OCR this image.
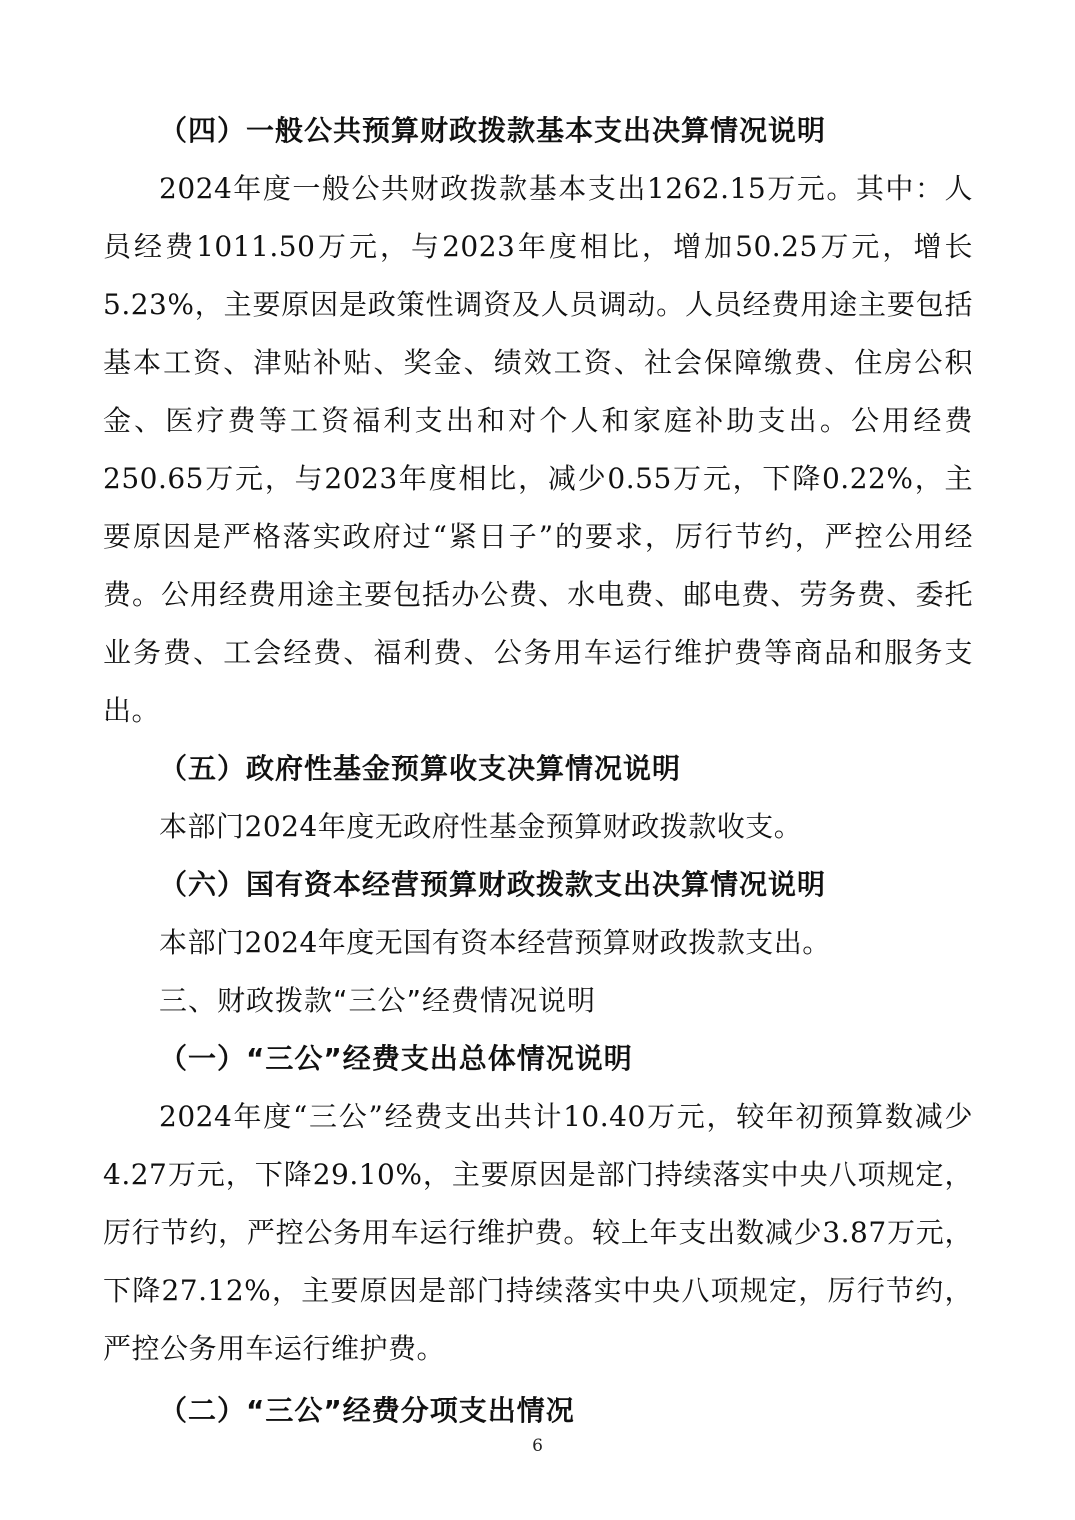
（四）一般公共预算财政拨款基本支出决算情况说明

2024年度一般公共财政拨款基本支出1262.15万元。其中：人员经费1011.50万元，与2023年度相比，增加50.25万元，增长5.23%，主要原因是政策性调资及人员调动。人员经费用途主要包括基本工资、津贴补贴、奖金、绩效工资、社会保障缴费、住房公积金、医疗费等工资福利支出和对个人和家庭补助支出。公用经费250.65万元，与2023年度相比，减少0.55万元，下降0.22%，主要原因是严格落实政府过“紧日子”的要求，厉行节约，严控公用经费。公用经费用途主要包括办公费、水电费、邮电费、劳务费、委托业务费、工会经费、福利费、公务用车运行维护费等商品和服务支出。

（五）政府性基金预算收支决算情况说明

本部门2024年度无政府性基金预算财政拨款收支。

（六）国有资本经营预算财政拨款支出决算情况说明

本部门2024年度无国有资本经营预算财政拨款支出。

三、财政拨款“三公”经费情况说明
（一）“三公”经费支出总体情况说明

2024年度“三公”经费支出共计10.40万元，较年初预算数减少4.27万元，下降29.10%，主要原因是部门持续落实中央八项规定，厉行节约，严控公务用车运行维护费。较上年支出数减少3.87万元，下降27.12%，主要原因是部门持续落实中央八项规定，厉行节约，严控公务用车运行维护费。

（二）“三公”经费分项支出情况
6
